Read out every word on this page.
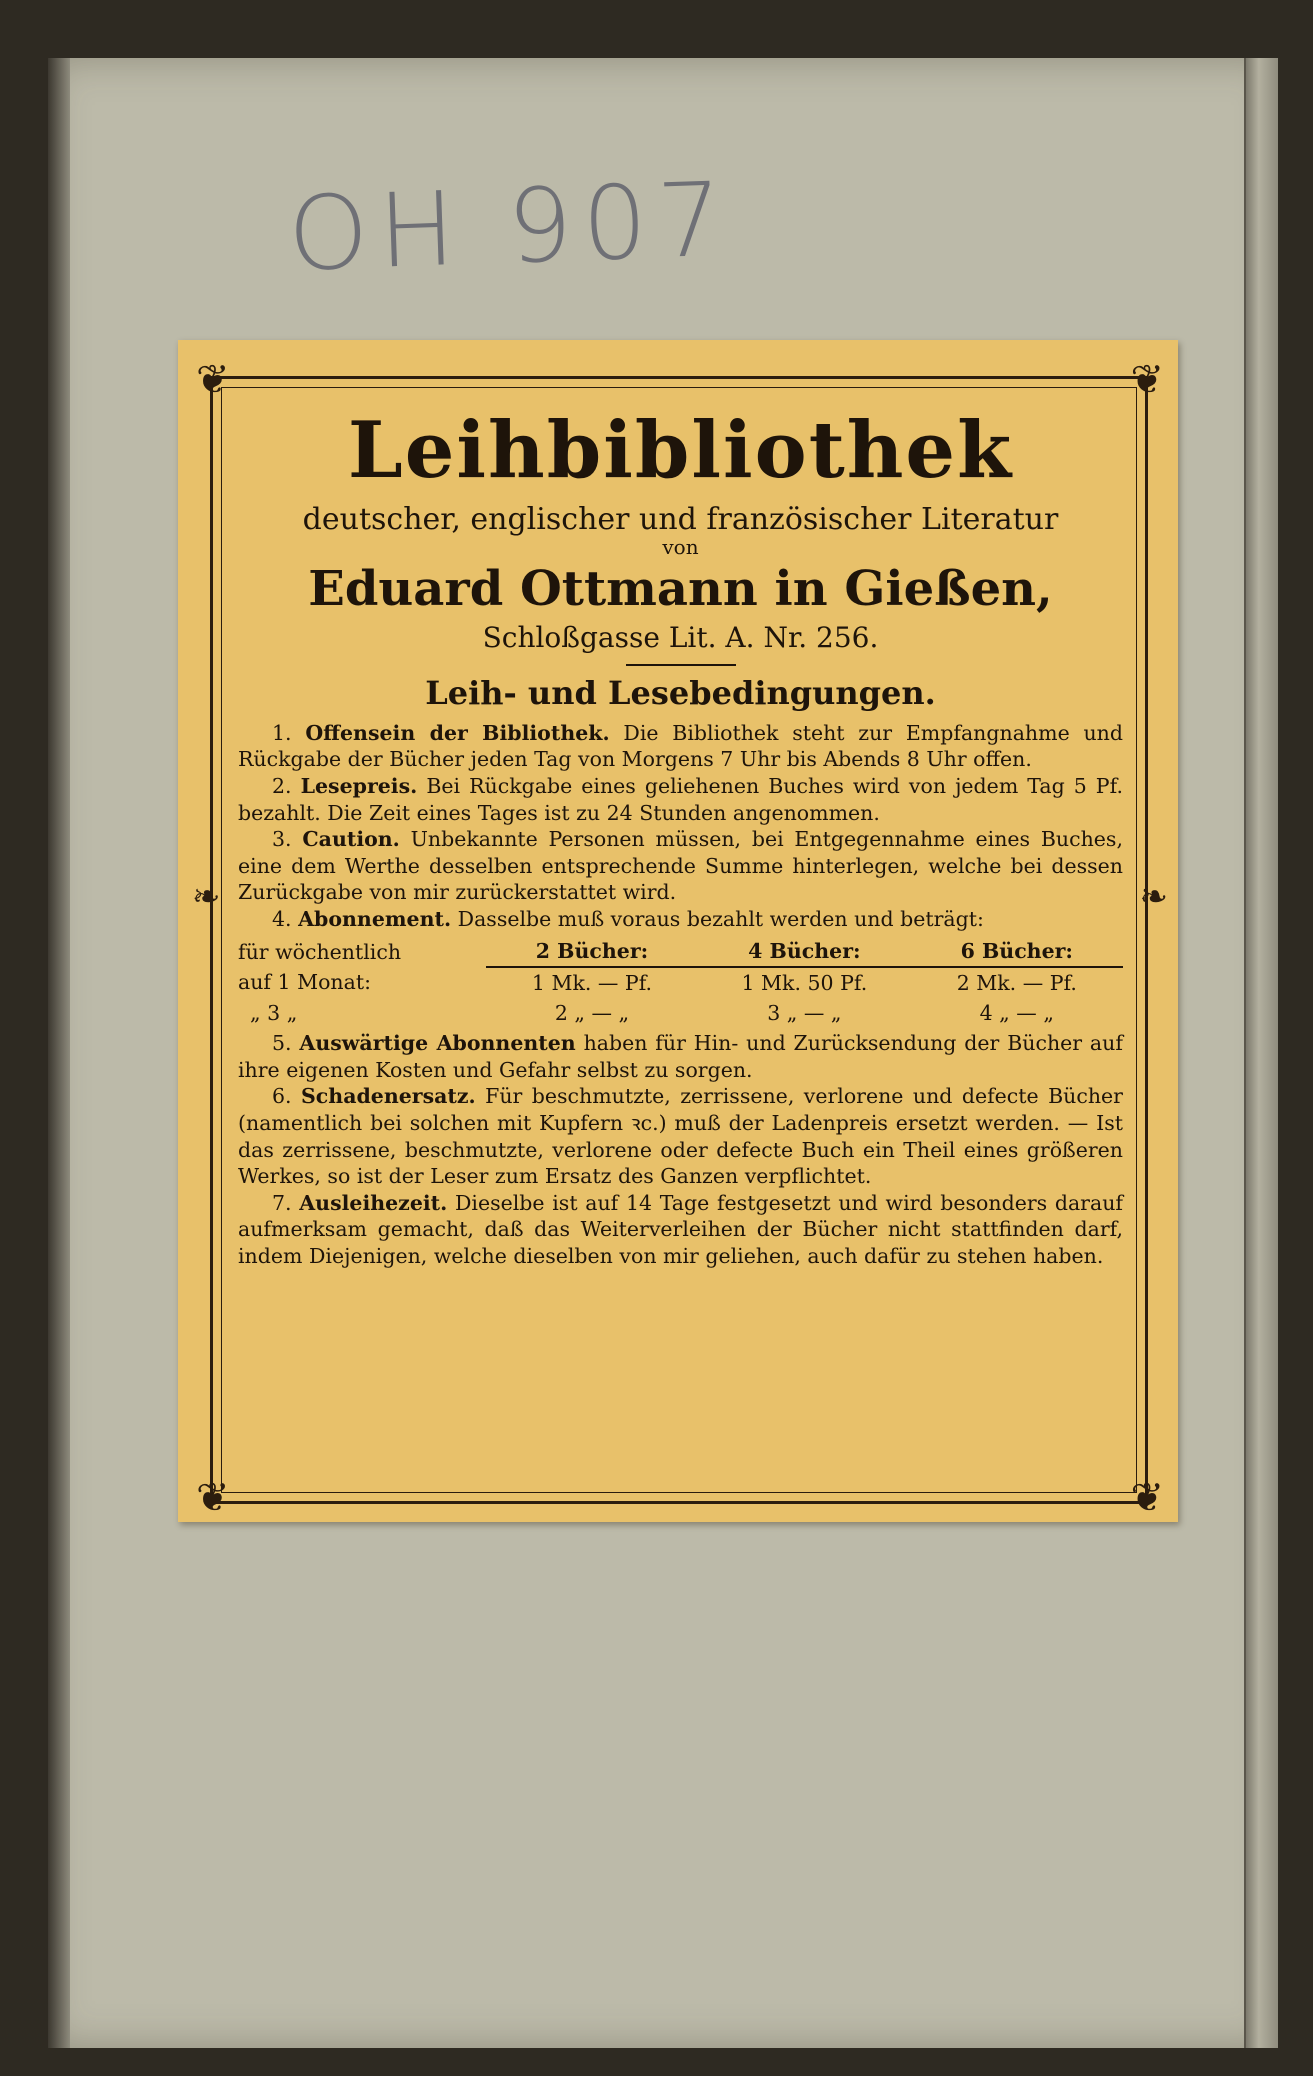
OH 907
❦	❦
❦	❦
❧	❧
Leihbibliothek
deutscher, englischer und französischer Literatur
von
Eduard Ottmann in Gießen,
Schloßgasse Lit. A. Nr. 256.
Leih- und Lesebedingungen.

1. Offensein der Bibliothek. Die Bibliothek steht zur Empfangnahme und Rückgabe der Bücher jeden Tag von Morgens 7 Uhr bis Abends 8 Uhr offen.

2. Lesepreis. Bei Rückgabe eines geliehenen Buches wird von jedem Tag 5 Pf. bezahlt. Die Zeit eines Tages ist zu 24 Stunden angenommen.

3. Caution. Unbekannte Personen müssen, bei Entgegennahme eines Buches, eine dem Werthe desselben entsprechende Summe hinterlegen, welche bei dessen Zurückgabe von mir zurückerstattet wird.

4. Abonnement. Dasselbe muß voraus bezahlt werden und beträgt:

für wöchentlich	2 Bücher:	4 Bücher:	6 Bücher:
auf 1 Monat:	1 Mk. — Pf.	1 Mk. 50 Pf.	2 Mk. — Pf.
„ 3 „	2 „ — „	3 „ — „	4 „ — „

5. Auswärtige Abonnenten haben für Hin- und Zurücksendung der Bücher auf ihre eigenen Kosten und Gefahr selbst zu sorgen.

6. Schadenersatz. Für beschmutzte, zerrissene, verlorene und defecte Bücher (namentlich bei solchen mit Kupfern ꝛc.) muß der Ladenpreis ersetzt werden. — Ist das zerrissene, beschmutzte, verlorene oder defecte Buch ein Theil eines größeren Werkes, so ist der Leser zum Ersatz des Ganzen verpflichtet.

7. Ausleihezeit. Dieselbe ist auf 14 Tage festgesetzt und wird besonders darauf aufmerksam gemacht, daß das Weiterverleihen der Bücher nicht stattfinden darf, indem Diejenigen, welche dieselben von mir geliehen, auch dafür zu stehen haben.
